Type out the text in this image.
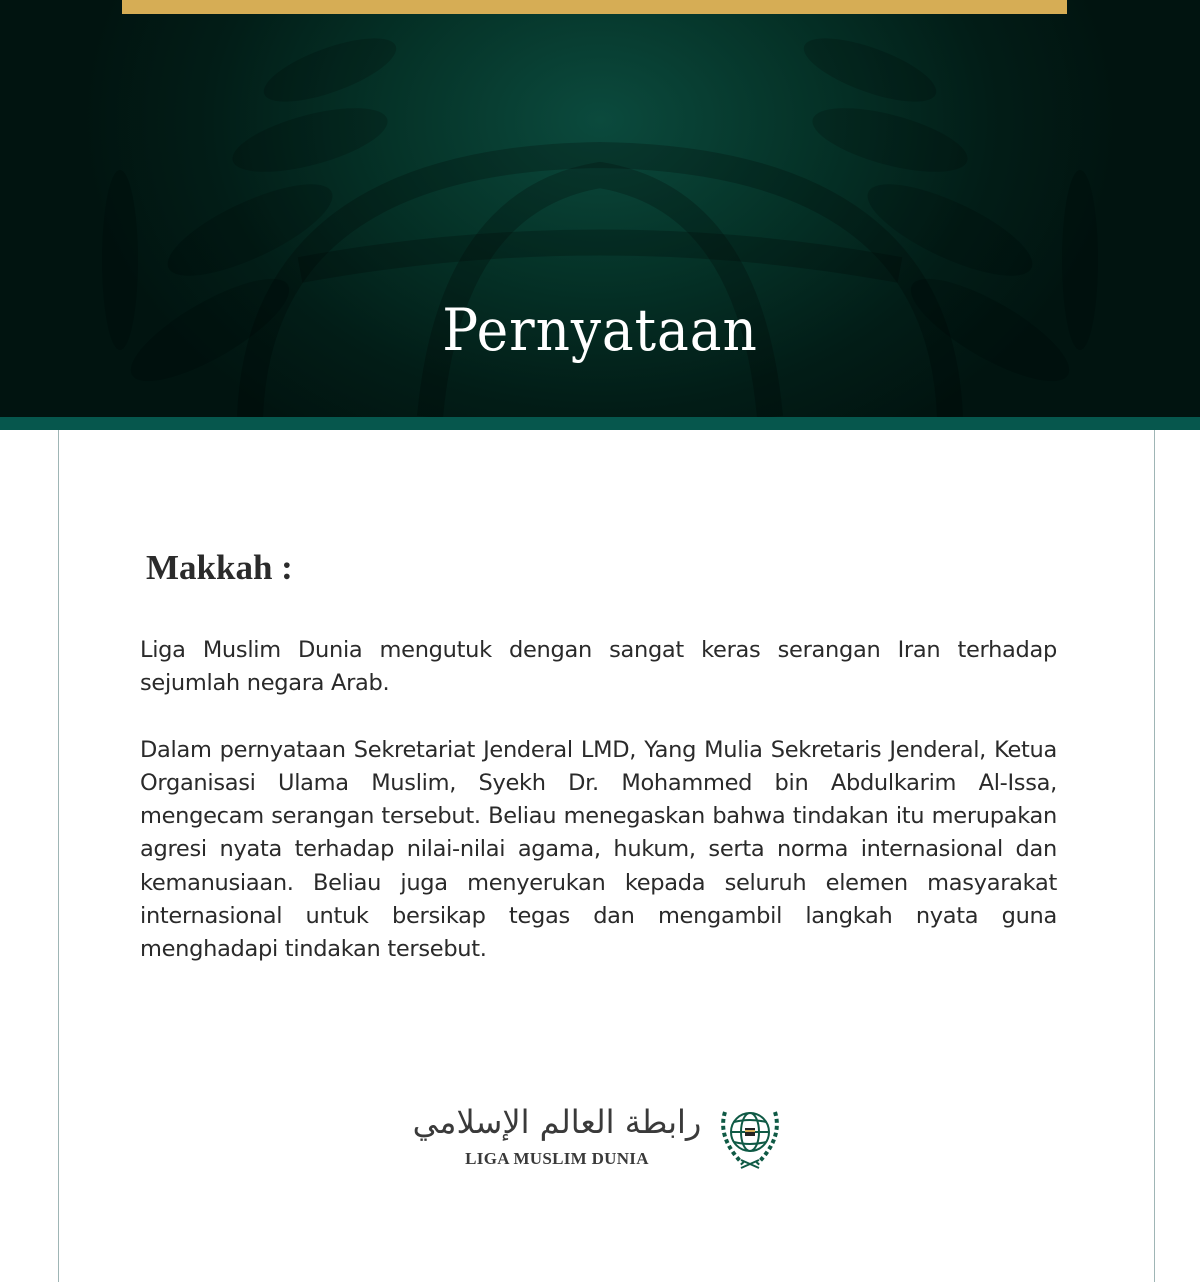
Pernyataan
Makkah :

Liga Muslim Dunia mengutuk dengan sangat keras serangan Iran terhadap sejumlah negara Arab.

Dalam pernyataan Sekretariat Jenderal LMD, Yang Mulia Sekretaris Jenderal, Ketua Organisasi Ulama Muslim, Syekh Dr. Mohammed bin Abdulkarim Al-Issa, mengecam serangan tersebut. Beliau menegaskan bahwa tindakan itu merupakan agresi nyata terhadap nilai-nilai agama, hukum, serta norma internasional dan kemanusiaan. Beliau juga menyerukan kepada seluruh elemen masyarakat internasional untuk bersikap tegas dan mengambil langkah nyata guna menghadapi tindakan tersebut.

رابطة العالم الإسلامي
LIGA MUSLIM DUNIA
